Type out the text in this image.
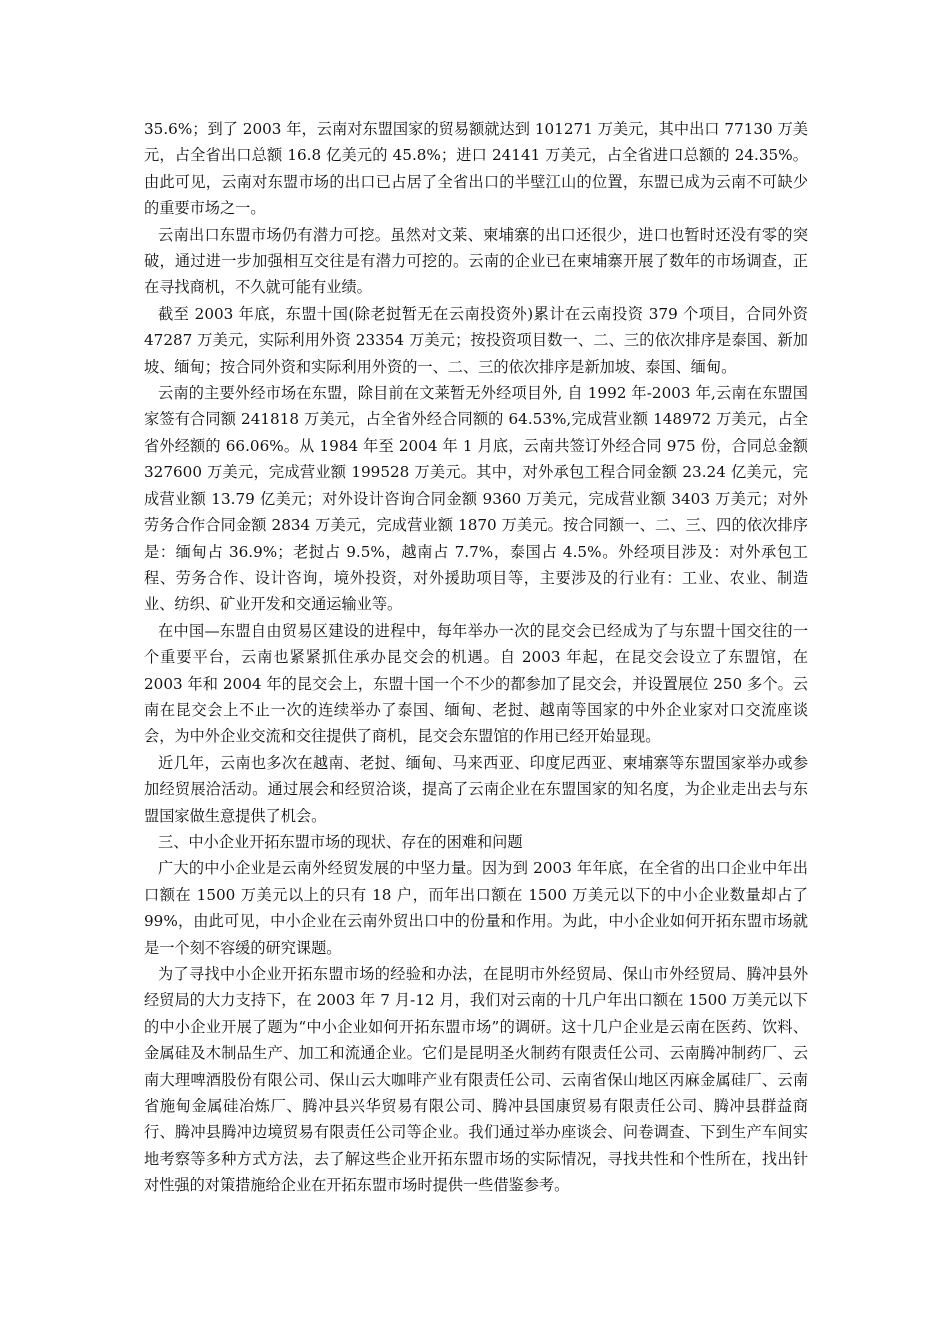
35.6%；到了 2003 年，云南对东盟国家的贸易额就达到 101271 万美元，其中出口 77130 万美元，占全省出口总额 16.8 亿美元的 45.8%；进口 24141 万美元，占全省进口总额的 24.35%。由此可见，云南对东盟市场的出口已占居了全省出口的半壁江山的位置，东盟已成为云南不可缺少的重要市场之一。

云南出口东盟市场仍有潜力可挖。虽然对文莱、柬埔寨的出口还很少，进口也暂时还没有零的突破，通过进一步加强相互交往是有潜力可挖的。云南的企业已在柬埔寨开展了数年的市场调查，正在寻找商机，不久就可能有业绩。

截至 2003 年底，东盟十国(除老挝暂无在云南投资外)累计在云南投资 379 个项目，合同外资 47287 万美元，实际利用外资 23354 万美元；按投资项目数一、二、三的依次排序是泰国、新加坡、缅甸；按合同外资和实际利用外资的一、二、三的依次排序是新加坡、泰国、缅甸。

云南的主要外经市场在东盟，除目前在文莱暂无外经项目外, 自 1992 年-2003 年,云南在东盟国家签有合同额 241818 万美元，占全省外经合同额的 64.53%,完成营业额 148972 万美元，占全省外经额的 66.06%。从 1984 年至 2004 年 1 月底，云南共签订外经合同 975 份，合同总金额 327600 万美元，完成营业额 199528 万美元。其中，对外承包工程合同金额 23.24 亿美元，完成营业额 13.79 亿美元；对外设计咨询合同金额 9360 万美元，完成营业额 3403 万美元；对外劳务合作合同金额 2834 万美元，完成营业额 1870 万美元。按合同额一、二、三、四的依次排序是：缅甸占 36.9%；老挝占 9.5%，越南占 7.7%，泰国占 4.5%。外经项目涉及：对外承包工程、劳务合作、设计咨询，境外投资，对外援助项目等，主要涉及的行业有：工业、农业、制造业、纺织、矿业开发和交通运输业等。

在中国—东盟自由贸易区建设的进程中，每年举办一次的昆交会已经成为了与东盟十国交往的一个重要平台，云南也紧紧抓住承办昆交会的机遇。自 2003 年起，在昆交会设立了东盟馆，在 2003 年和 2004 年的昆交会上，东盟十国一个不少的都参加了昆交会，并设置展位 250 多个。云南在昆交会上不止一次的连续举办了泰国、缅甸、老挝、越南等国家的中外企业家对口交流座谈会，为中外企业交流和交往提供了商机，昆交会东盟馆的作用已经开始显现。

近几年，云南也多次在越南、老挝、缅甸、马来西亚、印度尼西亚、柬埔寨等东盟国家举办或参加经贸展洽活动。通过展会和经贸洽谈，提高了云南企业在东盟国家的知名度，为企业走出去与东盟国家做生意提供了机会。

三、中小企业开拓东盟市场的现状、存在的困难和问题

广大的中小企业是云南外经贸发展的中坚力量。因为到 2003 年年底，在全省的出口企业中年出口额在 1500 万美元以上的只有 18 户，而年出口额在 1500 万美元以下的中小企业数量却占了 99%，由此可见，中小企业在云南外贸出口中的份量和作用。为此，中小企业如何开拓东盟市场就是一个刻不容缓的研究课题。

为了寻找中小企业开拓东盟市场的经验和办法，在昆明市外经贸局、保山市外经贸局、腾冲县外经贸局的大力支持下，在 2003 年 7 月-12 月，我们对云南的十几户年出口额在 1500 万美元以下的中小企业开展了题为“中小企业如何开拓东盟市场”的调研。这十几户企业是云南在医药、饮料、金属硅及木制品生产、加工和流通企业。它们是昆明圣火制药有限责任公司、云南腾冲制药厂、云南大理啤酒股份有限公司、保山云大咖啡产业有限责任公司、云南省保山地区丙麻金属硅厂、云南省施甸金属硅冶炼厂、腾冲县兴华贸易有限公司、腾冲县国康贸易有限责任公司、腾冲县群益商行、腾冲县腾冲边境贸易有限责任公司等企业。我们通过举办座谈会、问卷调查、下到生产车间实地考察等多种方式方法，去了解这些企业开拓东盟市场的实际情况，寻找共性和个性所在，找出针对性强的对策措施给企业在开拓东盟市场时提供一些借鉴参考。
